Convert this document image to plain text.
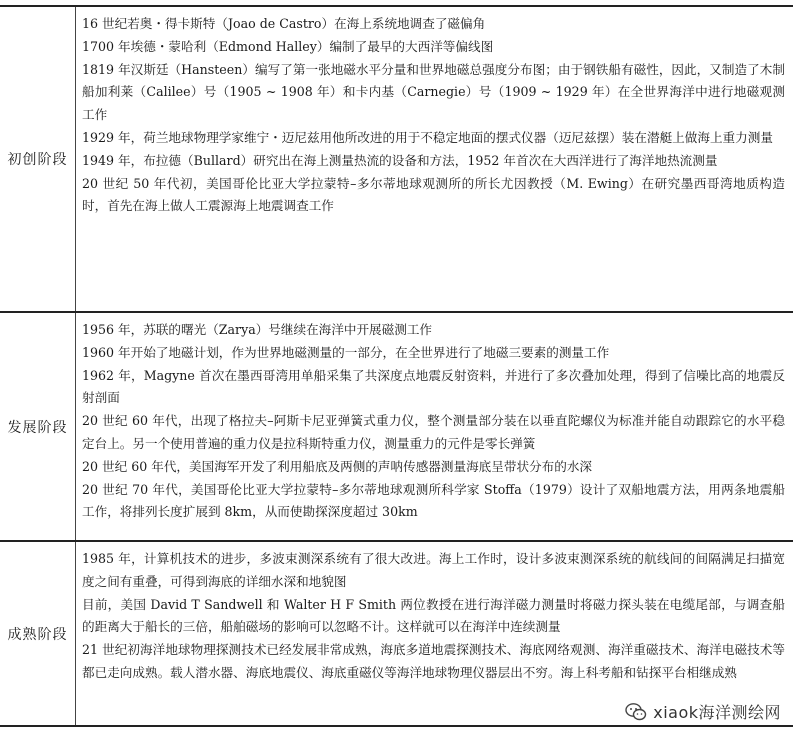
初创阶段

16 世纪若奥・得卡斯特（Joao de Castro）在海上系统地调查了磁偏角

1700 年埃德・蒙哈利（Edmond Halley）编制了最早的大西洋等偏线图

1819 年汉斯廷（Hansteen）编写了第一张地磁水平分量和世界地磁总强度分布图；由于钢铁船有磁性，因此，又制造了木制船加利莱（Calilee）号（1905 ~ 1908 年）和卡内基（Carnegie）号（1909 ~ 1929 年）在全世界海洋中进行地磁观测工作

1929 年，荷兰地球物理学家维宁・迈尼兹用他所改进的用于不稳定地面的摆式仪器（迈尼兹摆）装在潜艇上做海上重力测量

1949 年，布拉德（Bullard）研究出在海上测量热流的设备和方法，1952 年首次在大西洋进行了海洋地热流测量

20 世纪 50 年代初，美国哥伦比亚大学拉蒙特–多尔蒂地球观测所的所长尤因教授（M. Ewing）在研究墨西哥湾地质构造时，首先在海上做人工震源海上地震调查工作

发展阶段

1956 年，苏联的曙光（Zarya）号继续在海洋中开展磁测工作

1960 年开始了地磁计划，作为世界地磁测量的一部分，在全世界进行了地磁三要素的测量工作

1962 年，Magyne 首次在墨西哥湾用单船采集了共深度点地震反射资料，并进行了多次叠加处理，得到了信噪比高的地震反射剖面

20 世纪 60 年代，出现了格拉夫–阿斯卡尼亚弹簧式重力仪，整个测量部分装在以垂直陀螺仪为标准并能自动跟踪它的水平稳定台上。另一个使用普遍的重力仪是拉科斯特重力仪，测量重力的元件是零长弹簧

20 世纪 60 年代，美国海军开发了利用船底及两侧的声呐传感器测量海底呈带状分布的水深

20 世纪 70 年代，美国哥伦比亚大学拉蒙特–多尔蒂地球观测所科学家 Stoffa（1979）设计了双船地震方法，用两条地震船工作，将排列长度扩展到 8km，从而使勘探深度超过 30km

成熟阶段

1985 年，计算机技术的进步，多波束测深系统有了很大改进。海上工作时，设计多波束测深系统的航线间的间隔满足扫描宽度之间有重叠，可得到海底的详细水深和地貌图

目前，美国 David T Sandwell 和 Walter H F Smith 两位教授在进行海洋磁力测量时将磁力探头装在电缆尾部，与调查船的距离大于船长的三倍，船舶磁场的影响可以忽略不计。这样就可以在海洋中连续测量

21 世纪初海洋地球物理探测技术已经发展非常成熟，海底多道地震探测技术、海底网络观测、海洋重磁技术、海洋电磁技术等都已走向成熟。载人潜水器、海底地震仪、海底重磁仪等海洋地球物理仪器层出不穷。海上科考船和钻探平台相继成熟

xiaok海洋测绘网
